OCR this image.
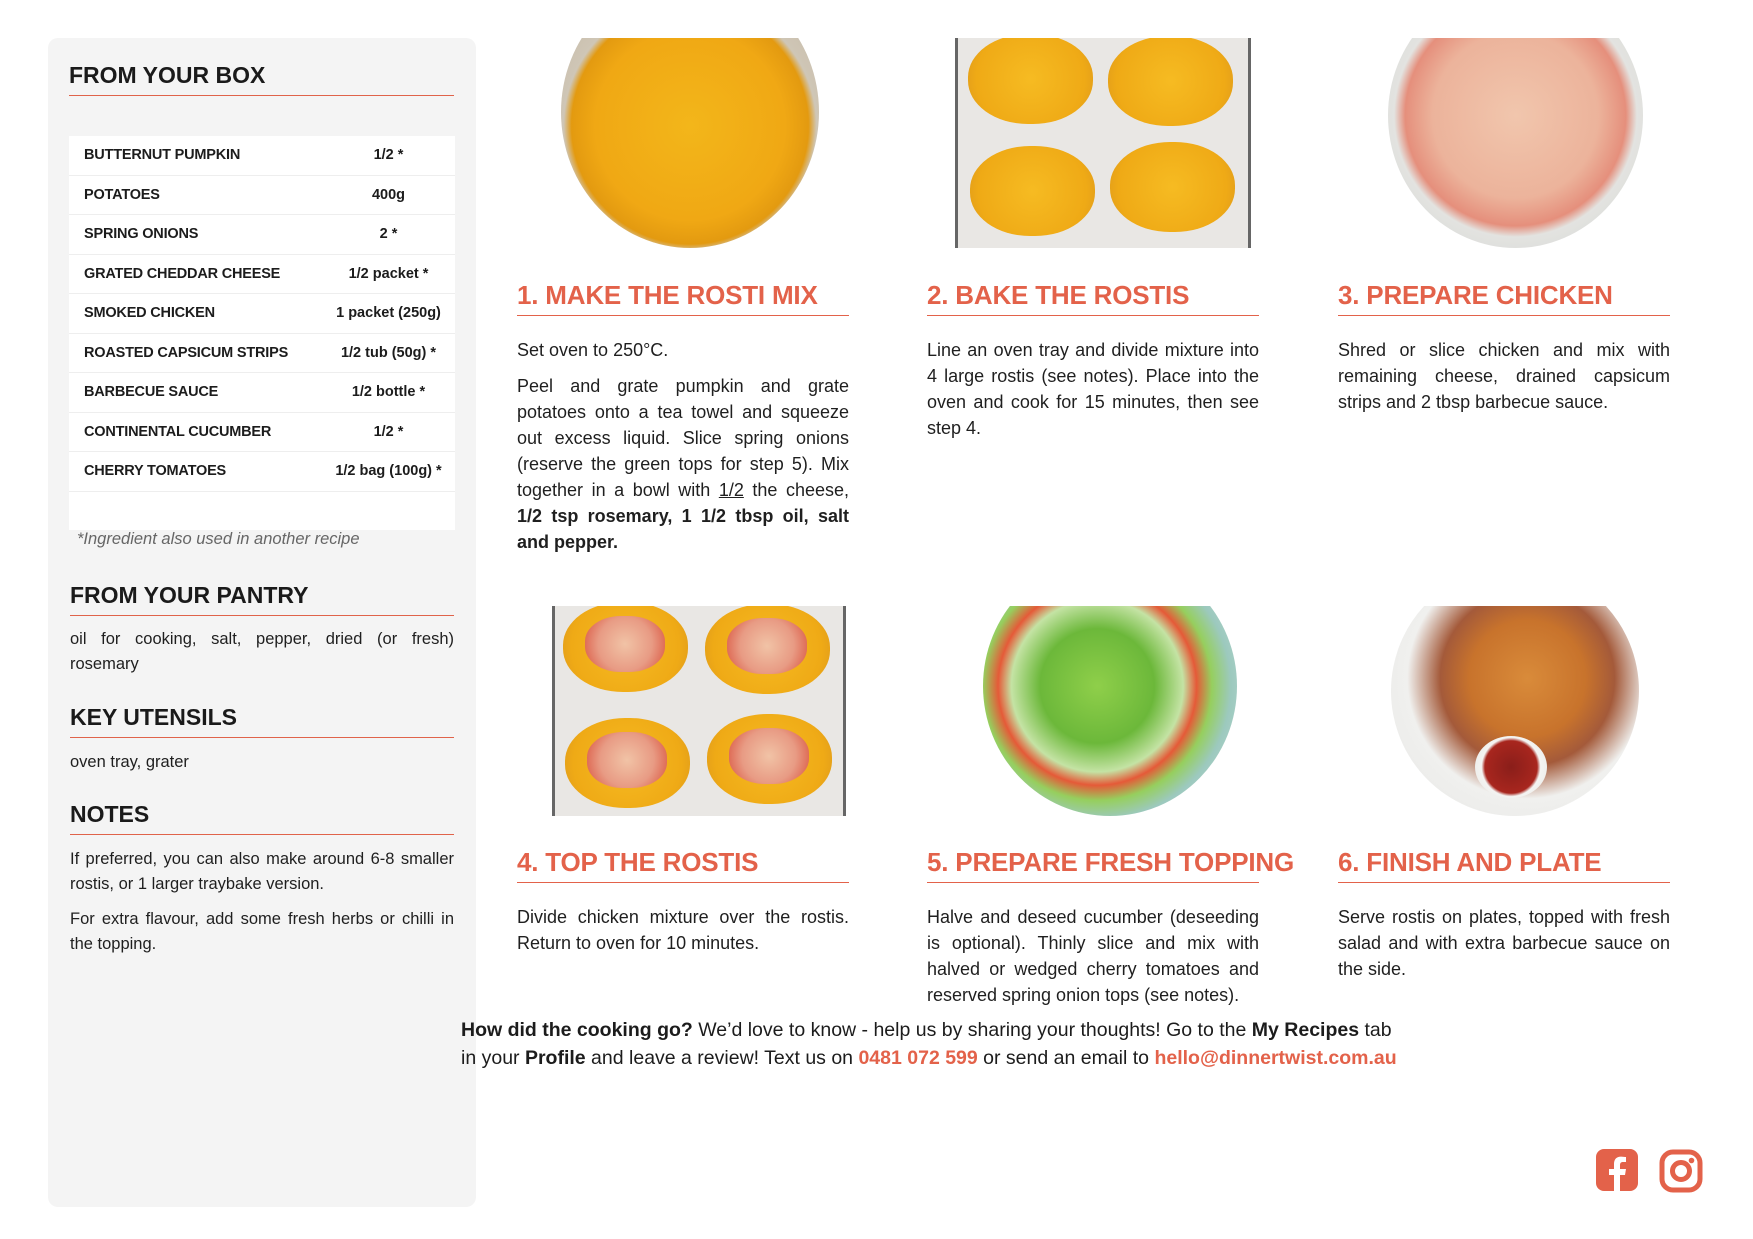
FROM YOUR BOX
BUTTERNUT PUMPKIN	1/2 *
POTATOES	400g
SPRING ONIONS	2 *
GRATED CHEDDAR CHEESE	1/2 packet *
SMOKED CHICKEN	1 packet (250g)
ROASTED CAPSICUM STRIPS	1/2 tub (50g) *
BARBECUE SAUCE	1/2 bottle *
CONTINENTAL CUCUMBER	1/2 *
CHERRY TOMATOES	1/2 bag (100g) *
*Ingredient also used in another recipe
FROM YOUR PANTRY
oil for cooking, salt, pepper, dried (or fresh) rosemary
KEY UTENSILS
oven tray, grater
NOTES

If preferred, you can also make around 6-8 smaller rostis, or 1 larger traybake version.

For extra flavour, add some fresh herbs or chilli in the topping.

1. MAKE THE ROSTI MIX

Set oven to 250°C.

Peel and grate pumpkin and grate potatoes onto a tea towel and squeeze out excess liquid. Slice spring onions (reserve the green tops for step 5). Mix together in a bowl with 1/2 the cheese, 1/2 tsp rosemary, 1 1/2 tbsp oil, salt and pepper.

2. BAKE THE ROSTIS
Line an oven tray and divide mixture into 4 large rostis (see notes). Place into the oven and cook for 15 minutes, then see step 4.
3. PREPARE CHICKEN
Shred or slice chicken and mix with remaining cheese, drained capsicum strips and 2 tbsp barbecue sauce.
4. TOP THE ROSTIS
Divide chicken mixture over the rostis. Return to oven for 10 minutes.
5. PREPARE FRESH TOPPING
Halve and deseed cucumber (deseeding is optional). Thinly slice and mix with halved or wedged cherry tomatoes and reserved spring onion tops (see notes).
6. FINISH AND PLATE
Serve rostis on plates, topped with fresh salad and with extra barbecue sauce on the side.
How did the cooking go? We’d love to know - help us by sharing your thoughts! Go to the My Recipes tab in your Profile and leave a review! Text us on 0481 072 599 or send an email to hello@dinnertwist.com.au
